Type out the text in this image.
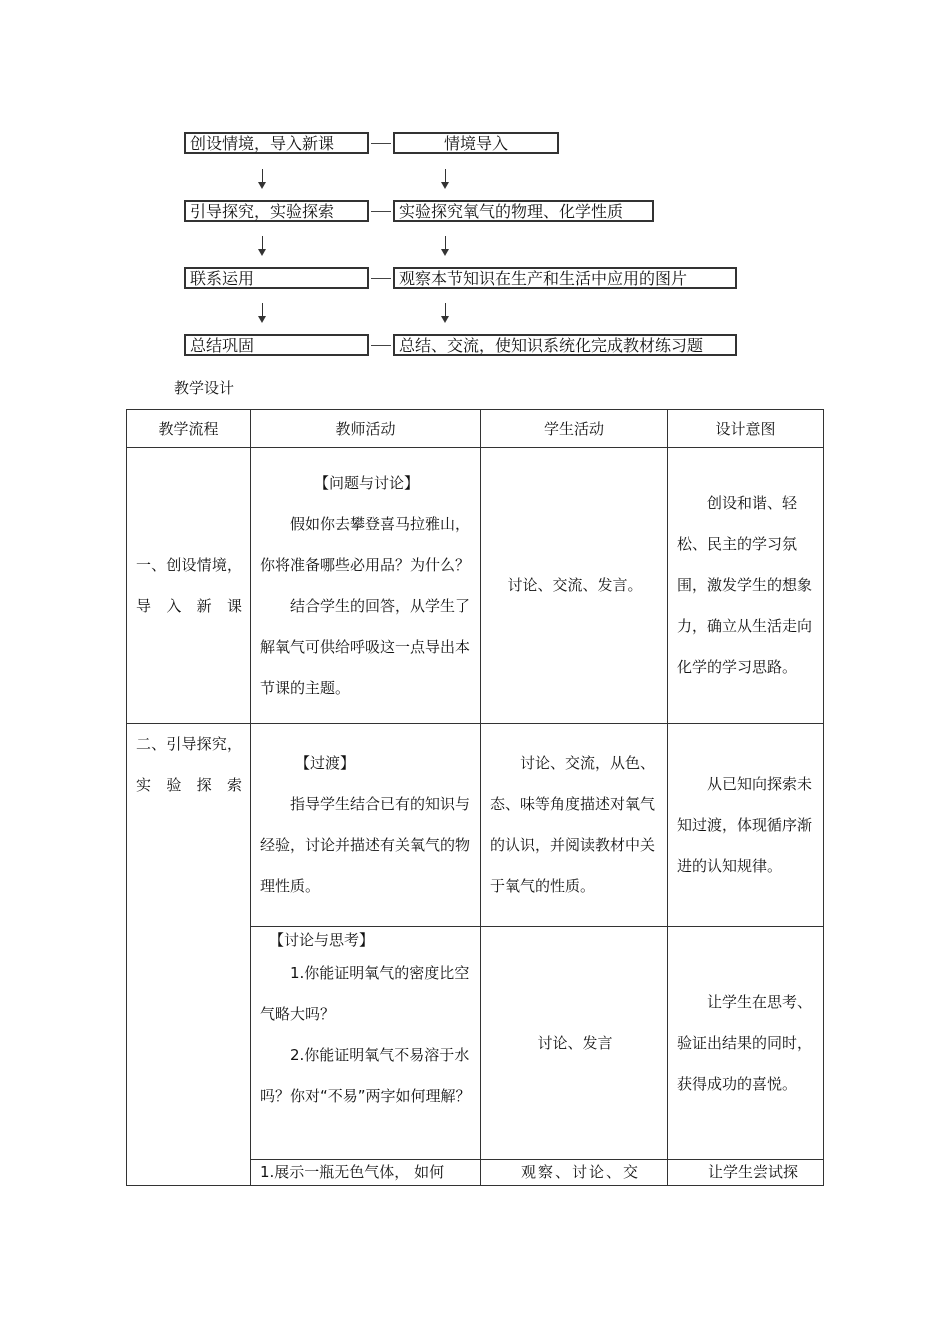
创设情境，导入新课	情境导入
引导探究，实验探索	实验探究氧气的物理、化学性质
联系运用	观察本节知识在生产和生活中应用的图片
总结巩固	总结、交流，使知识系统化完成教材练习题
教学设计
教学流程	教师活动	学生活动	设计意图

一、创设情境，导入新课	【问题与讨论】
假如你去攀登喜马拉雅山，你将准备哪些必用品？为什么？
结合学生的回答，从学生了解氧气可供给呼吸这一点导出本节课的主题。	讨论、交流、发言。	创设和谐、轻松、民主的学习氛围，激发学生的想象力，确立从生活走向化学的学习思路。

二、引导探究，实验探索	【过渡】
指导学生结合已有的知识与经验，讨论并描述有关氧气的物理性质。	讨论、交流，从色、态、味等角度描述对氧气的认识，并阅读教材中关于氧气的性质。	从已知向探索未知过渡，体现循序渐进的认知规律。

	【讨论与思考】
1.你能证明氧气的密度比空气略大吗？
2.你能证明氧气不易溶于水吗？你对“不易”两字如何理解？	讨论、发言	让学生在思考、验证出结果的同时，获得成功的喜悦。

	1.展示一瓶无色气体， 如何	观察、讨论、交	让学生尝试探
